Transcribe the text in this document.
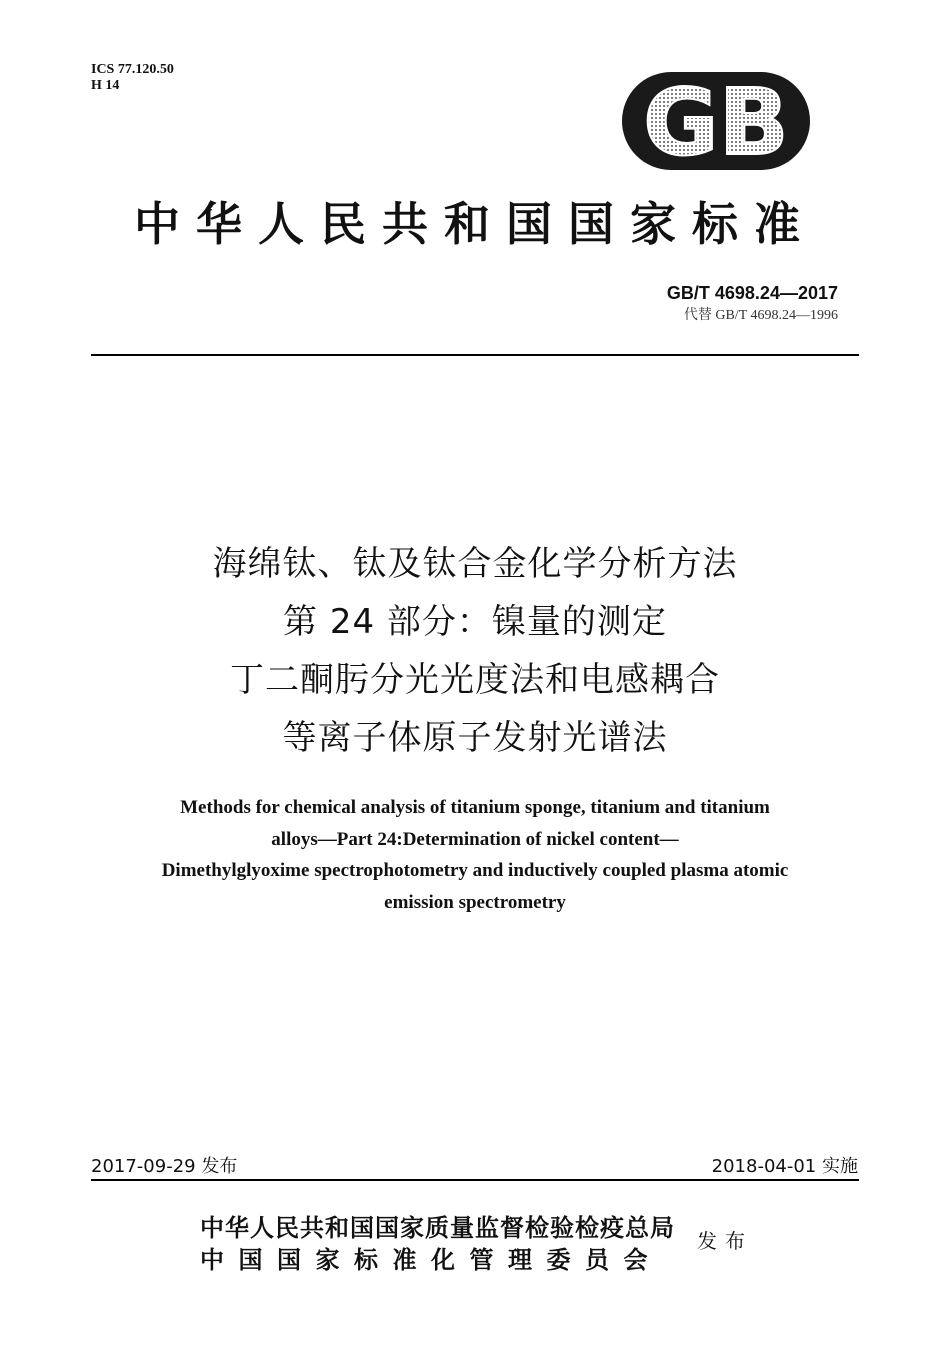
ICS 77.120.50
H 14	GB
中华人民共和国国家标准
GB/T 4698.24—2017
代替 GB/T 4698.24—1996
海绵钛、钛及钛合金化学分析方法
第 24 部分：镍量的测定
丁二酮肟分光光度法和电感耦合
等离子体原子发射光谱法
Methods for chemical analysis of titanium sponge, titanium and titanium
alloys—Part 24:Determination of nickel content—
Dimethylglyoxime spectrophotometry and inductively coupled plasma atomic
emission spectrometry
2017-09-29 发布	2018-04-01 实施
中华人民共和国国家质量监督检验检疫总局
中国国家标准化管理委员会
发布
